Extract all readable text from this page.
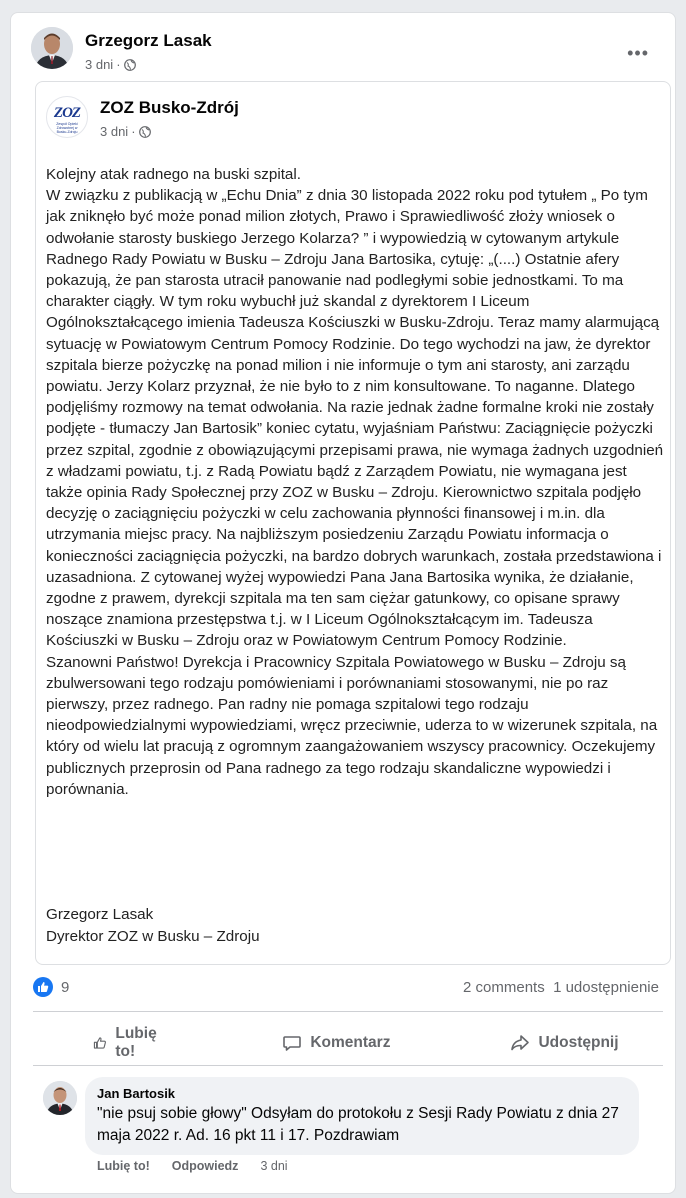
Grzegorz Lasak
3 dni ·
•••
ZOZ
Zespół Opieki Zdrowotnej w Busku-Zdroju
ZOZ Busko-Zdrój
3 dni ·
Kolejny atak radnego na buski szpital.
W związku z publikacją w „Echu Dnia” z dnia 30 listopada 2022 roku pod tytułem „ Po tym jak zniknęło być może ponad milion złotych, Prawo i Sprawiedliwość złoży wniosek o odwołanie starosty buskiego Jerzego Kolarza? ” i wypowiedzią w cytowanym artykule Radnego Rady Powiatu w Busku – Zdroju Jana Bartosika, cytuję: „(....) Ostatnie afery pokazują, że pan starosta utracił panowanie nad podległymi sobie jednostkami. To ma charakter ciągły. W tym roku wybuchł już skandal z dyrektorem I Liceum Ogólnokształcącego imienia Tadeusza Kościuszki w Busku-Zdroju. Teraz mamy alarmującą sytuację w Powiatowym Centrum Pomocy Rodzinie. Do tego wychodzi na jaw, że dyrektor szpitala bierze pożyczkę na ponad milion i nie informuje o tym ani starosty, ani zarządu powiatu. Jerzy Kolarz przyznał, że nie było to z nim konsultowane. To naganne. Dlatego podjęliśmy rozmowy na temat odwołania. Na razie jednak żadne formalne kroki nie zostały podjęte - tłumaczy Jan Bartosik” koniec cytatu, wyjaśniam Państwu: Zaciągnięcie pożyczki przez szpital, zgodnie z obowiązującymi przepisami prawa, nie wymaga żadnych uzgodnień z władzami powiatu, t.j. z Radą Powiatu bądź z Zarządem Powiatu, nie wymagana jest także opinia Rady Społecznej przy ZOZ w Busku – Zdroju. Kierownictwo szpitala podjęło decyzję o zaciągnięciu pożyczki w celu zachowania płynności finansowej i m.in. dla utrzymania miejsc pracy. Na najbliższym posiedzeniu Zarządu Powiatu informacja o konieczności zaciągnięcia pożyczki, na bardzo dobrych warunkach, została przedstawiona i uzasadniona. Z cytowanej wyżej wypowiedzi Pana Jana Bartosika wynika, że działanie, zgodne z prawem, dyrekcji szpitala ma ten sam ciężar gatunkowy, co opisane sprawy noszące znamiona przestępstwa t.j. w I Liceum Ogólnokształcącym im. Tadeusza Kościuszki w Busku – Zdroju oraz w Powiatowym Centrum Pomocy Rodzinie.
Szanowni Państwo! Dyrekcja i Pracownicy Szpitala Powiatowego w Busku – Zdroju są zbulwersowani tego rodzaju pomówieniami i porównaniami stosowanymi, nie po raz pierwszy, przez radnego. Pan radny nie pomaga szpitalowi tego rodzaju nieodpowiedzialnymi wypowiedziami, wręcz przeciwnie, uderza to w wizerunek szpitala, na który od wielu lat pracują z ogromnym zaangażowaniem wszyscy pracownicy. Oczekujemy publicznych przeprosin od Pana radnego za tego rodzaju skandaliczne wypowiedzi i porównania.
Grzegorz Lasak
Dyrektor ZOZ w Busku – Zdroju
9	2 comments 1 udostępnienie
Lubię to!
Komentarz	Udostępnij
Jan Bartosik
"nie psuj sobie głowy" Odsyłam do protokołu z Sesji Rady Powiatu z dnia 27 maja 2022 r. Ad. 16 pkt 11 i 17. Pozdrawiam
Lubię to! Odpowiedz 3 dni
